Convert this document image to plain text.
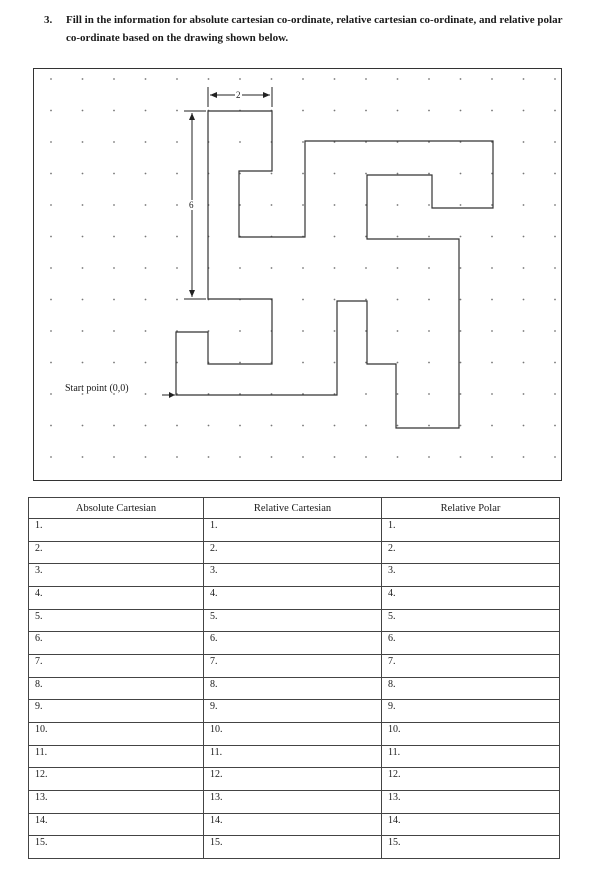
3. Fill in the information for absolute cartesian co-ordinate, relative cartesian co-ordinate, and relative polar co-ordinate based on the drawing shown below.
Start point (0,0)
2
6
Absolute Cartesian	Relative Cartesian	Relative Polar
1.	1.	1.
2.	2.	2.
3.	3.	3.
4.	4.	4.
5.	5.	5.
6.	6.	6.
7.	7.	7.
8.	8.	8.
9.	9.	9.
10.	10.	10.
11.	11.	11.
12.	12.	12.
13.	13.	13.
14.	14.	14.
15.	15.	15.
